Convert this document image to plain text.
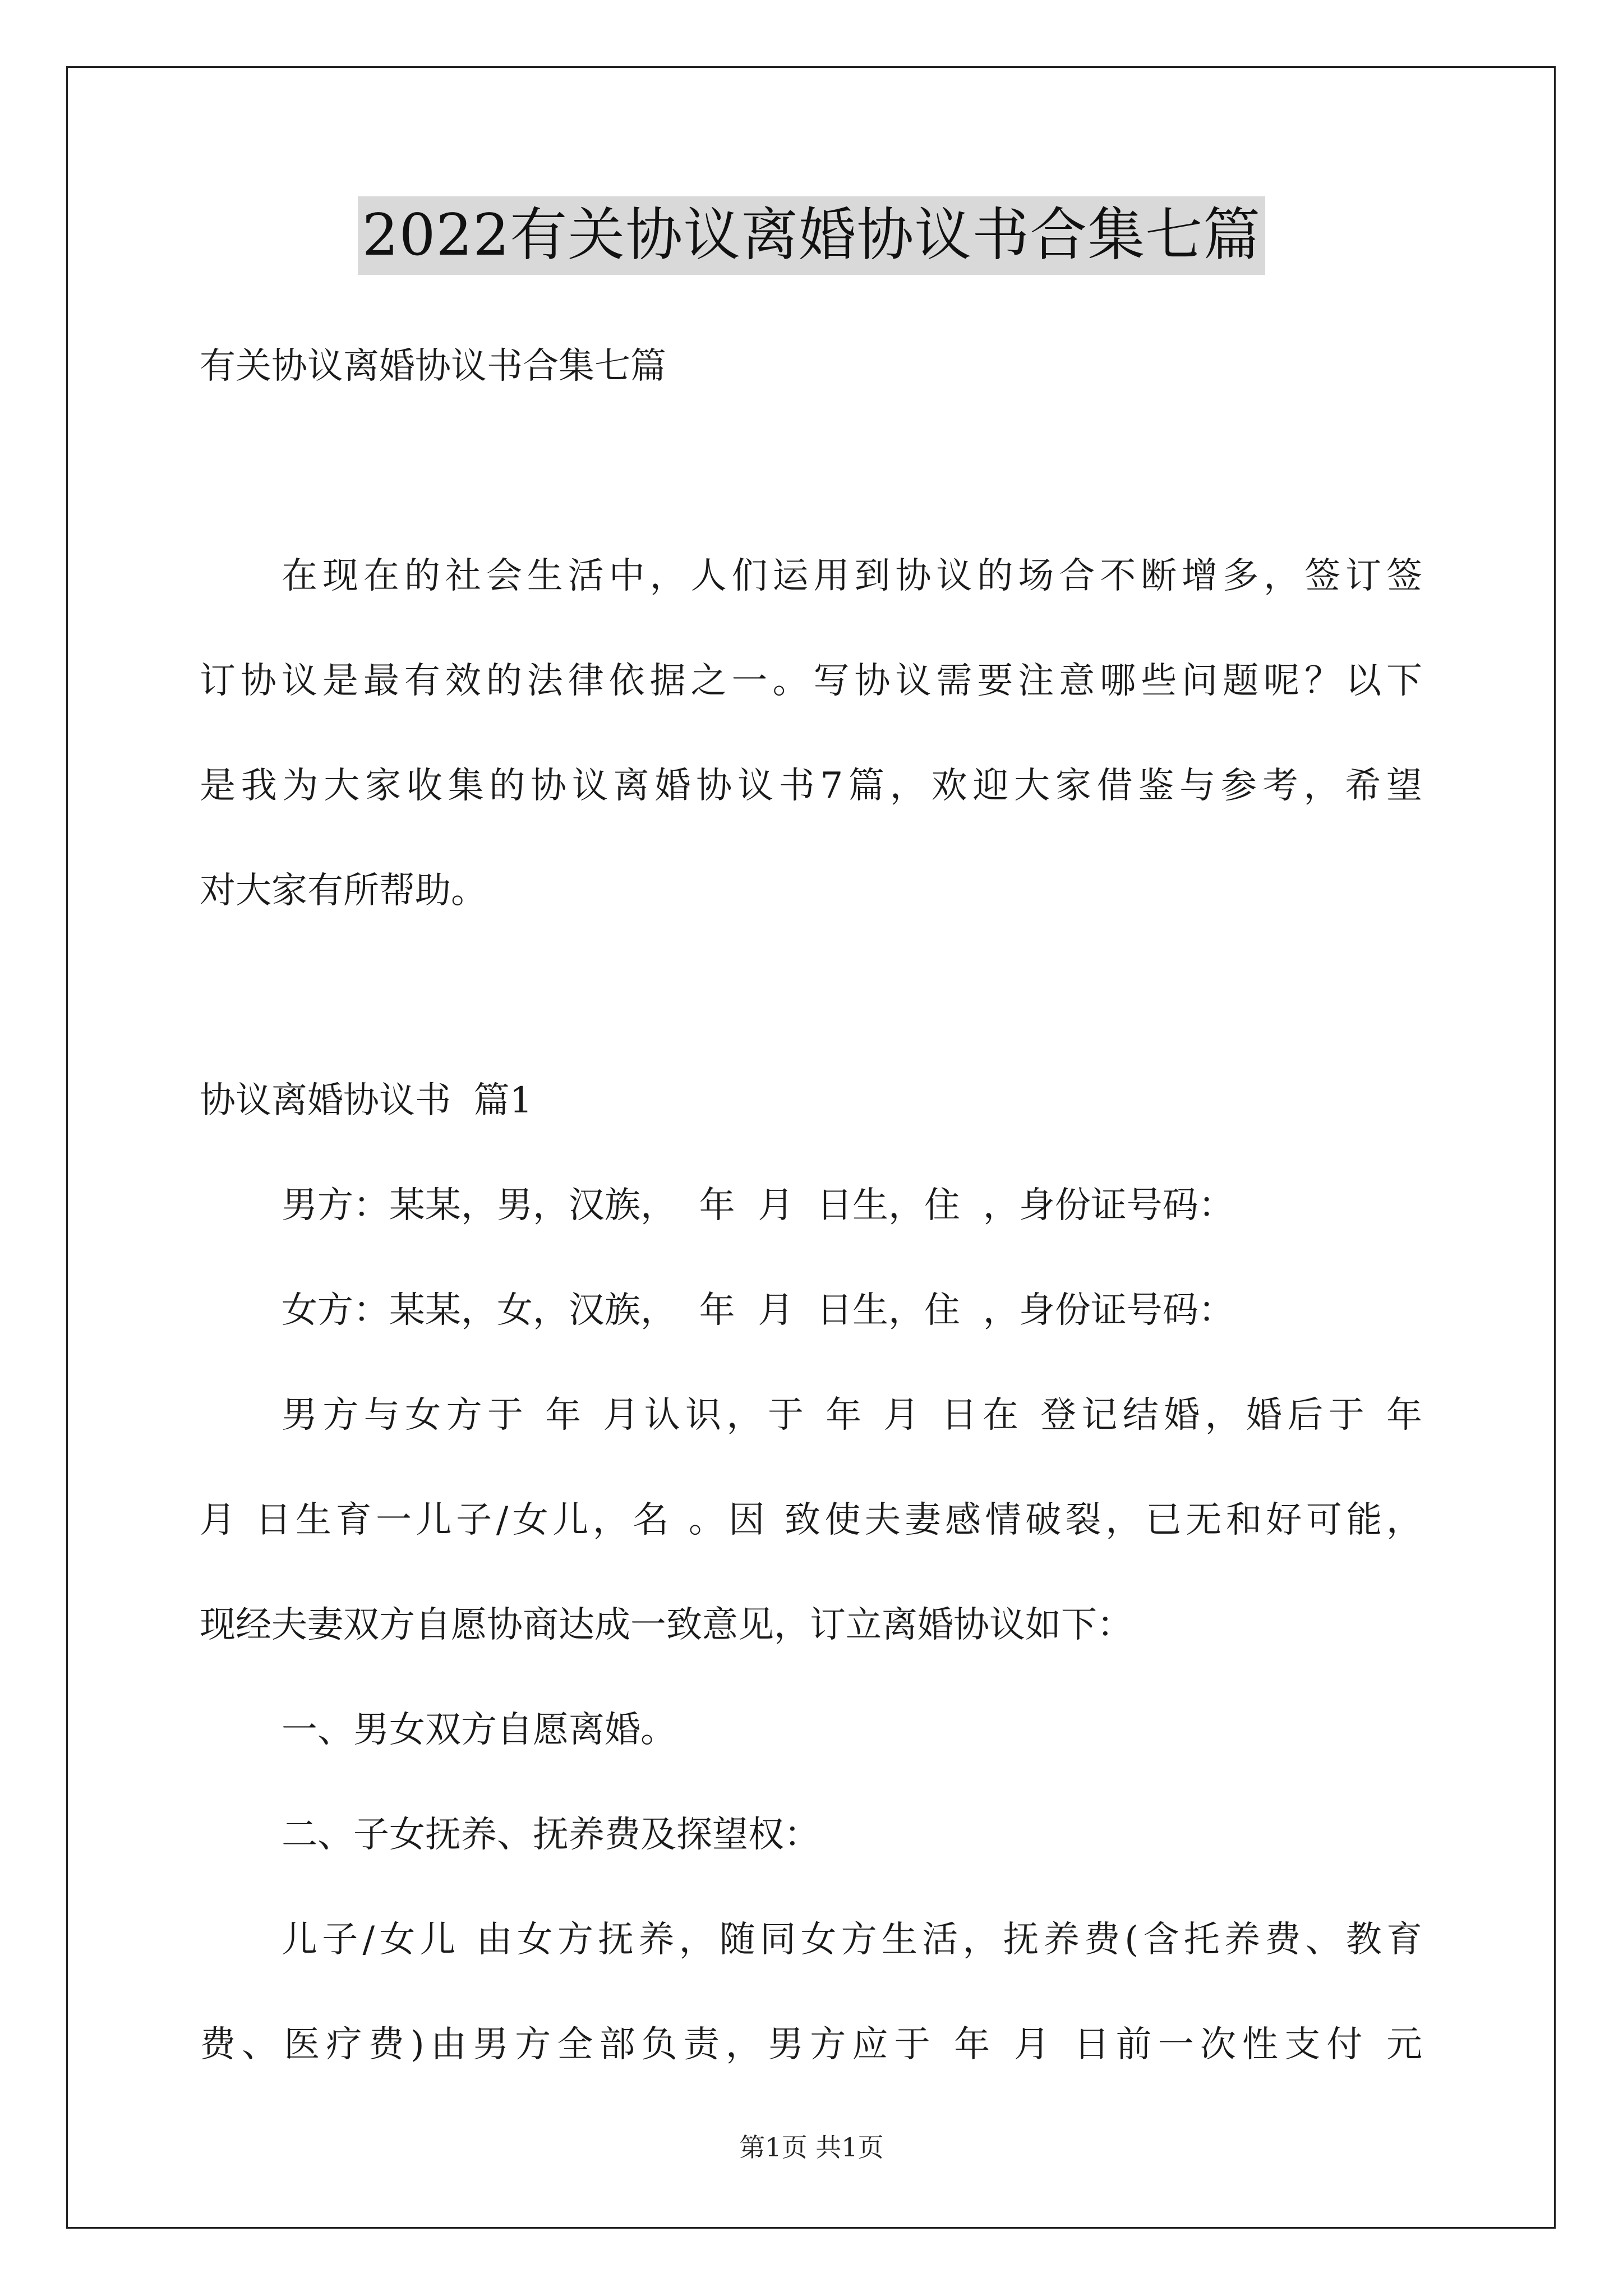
2022有关协议离婚协议书合集七篇

有关协议离婚协议书合集七篇

在现在的社会生活中，人们运用到协议的场合不断增多，签订签

订协议是最有效的法律依据之一。写协议需要注意哪些问题呢？以下

是我为大家收集的协议离婚协议书7篇，欢迎大家借鉴与参考，希望

对大家有所帮助。

协议离婚协议书  篇1

男方：某某，男，汉族，  年  月  日生，住  ，身份证号码：

女方：某某，女，汉族，  年  月  日生，住  ，身份证号码：

男方与女方于 年 月认识，于 年 月 日在 登记结婚，婚后于 年

月 日生育一儿子/女儿，名 。因 致使夫妻感情破裂，已无和好可能，

现经夫妻双方自愿协商达成一致意见，订立离婚协议如下：

一、男女双方自愿离婚。

二、子女抚养、抚养费及探望权：

儿子/女儿 由女方抚养，随同女方生活，抚养费(含托养费、教育

费、医疗费)由男方全部负责，男方应于 年 月 日前一次性支付 元

第1页 共1页
